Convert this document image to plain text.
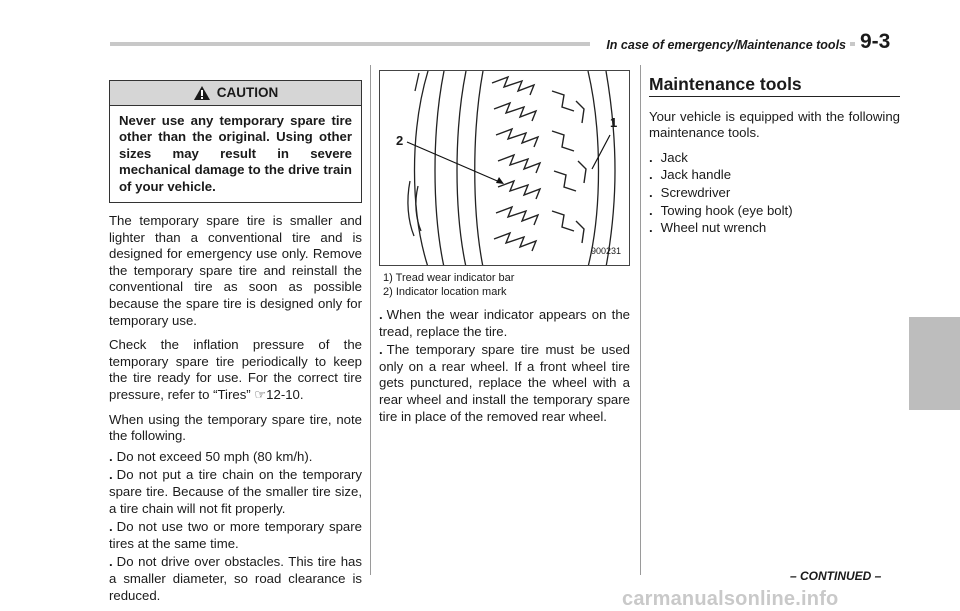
In case of emergency/Maintenance tools 9-3
CAUTION
Never use any temporary spare tire other than the original. Using other sizes may result in severe mechanical damage to the drive train of your vehicle.
The temporary spare tire is smaller and lighter than a conventional tire and is designed for emergency use only. Remove the temporary spare tire and reinstall the conventional tire as soon as possible because the spare tire is designed only for temporary use.
Check the inflation pressure of the temporary spare tire periodically to keep the tire ready for use. For the correct tire pressure, refer to “Tires” ☞12-10.
When using the temporary spare tire, note the following.
. Do not exceed 50 mph (80 km/h).
. Do not put a tire chain on the temporary spare tire. Because of the smaller tire size, a tire chain will not fit properly.
. Do not use two or more temporary spare tires at the same time.
. Do not drive over obstacles. This tire has a smaller diameter, so road clearance is reduced.
2
1
900231
1) Tread wear indicator bar
2) Indicator location mark
. When the wear indicator appears on the tread, replace the tire.
. The temporary spare tire must be used only on a rear wheel. If a front wheel tire gets punctured, replace the wheel with a rear wheel and install the temporary spare tire in place of the removed rear wheel.
Maintenance tools
Your vehicle is equipped with the following maintenance tools.
. Jack
. Jack handle
. Screwdriver
. Towing hook (eye bolt)
. Wheel nut wrench
– CONTINUED –
carmanualsonline.info
